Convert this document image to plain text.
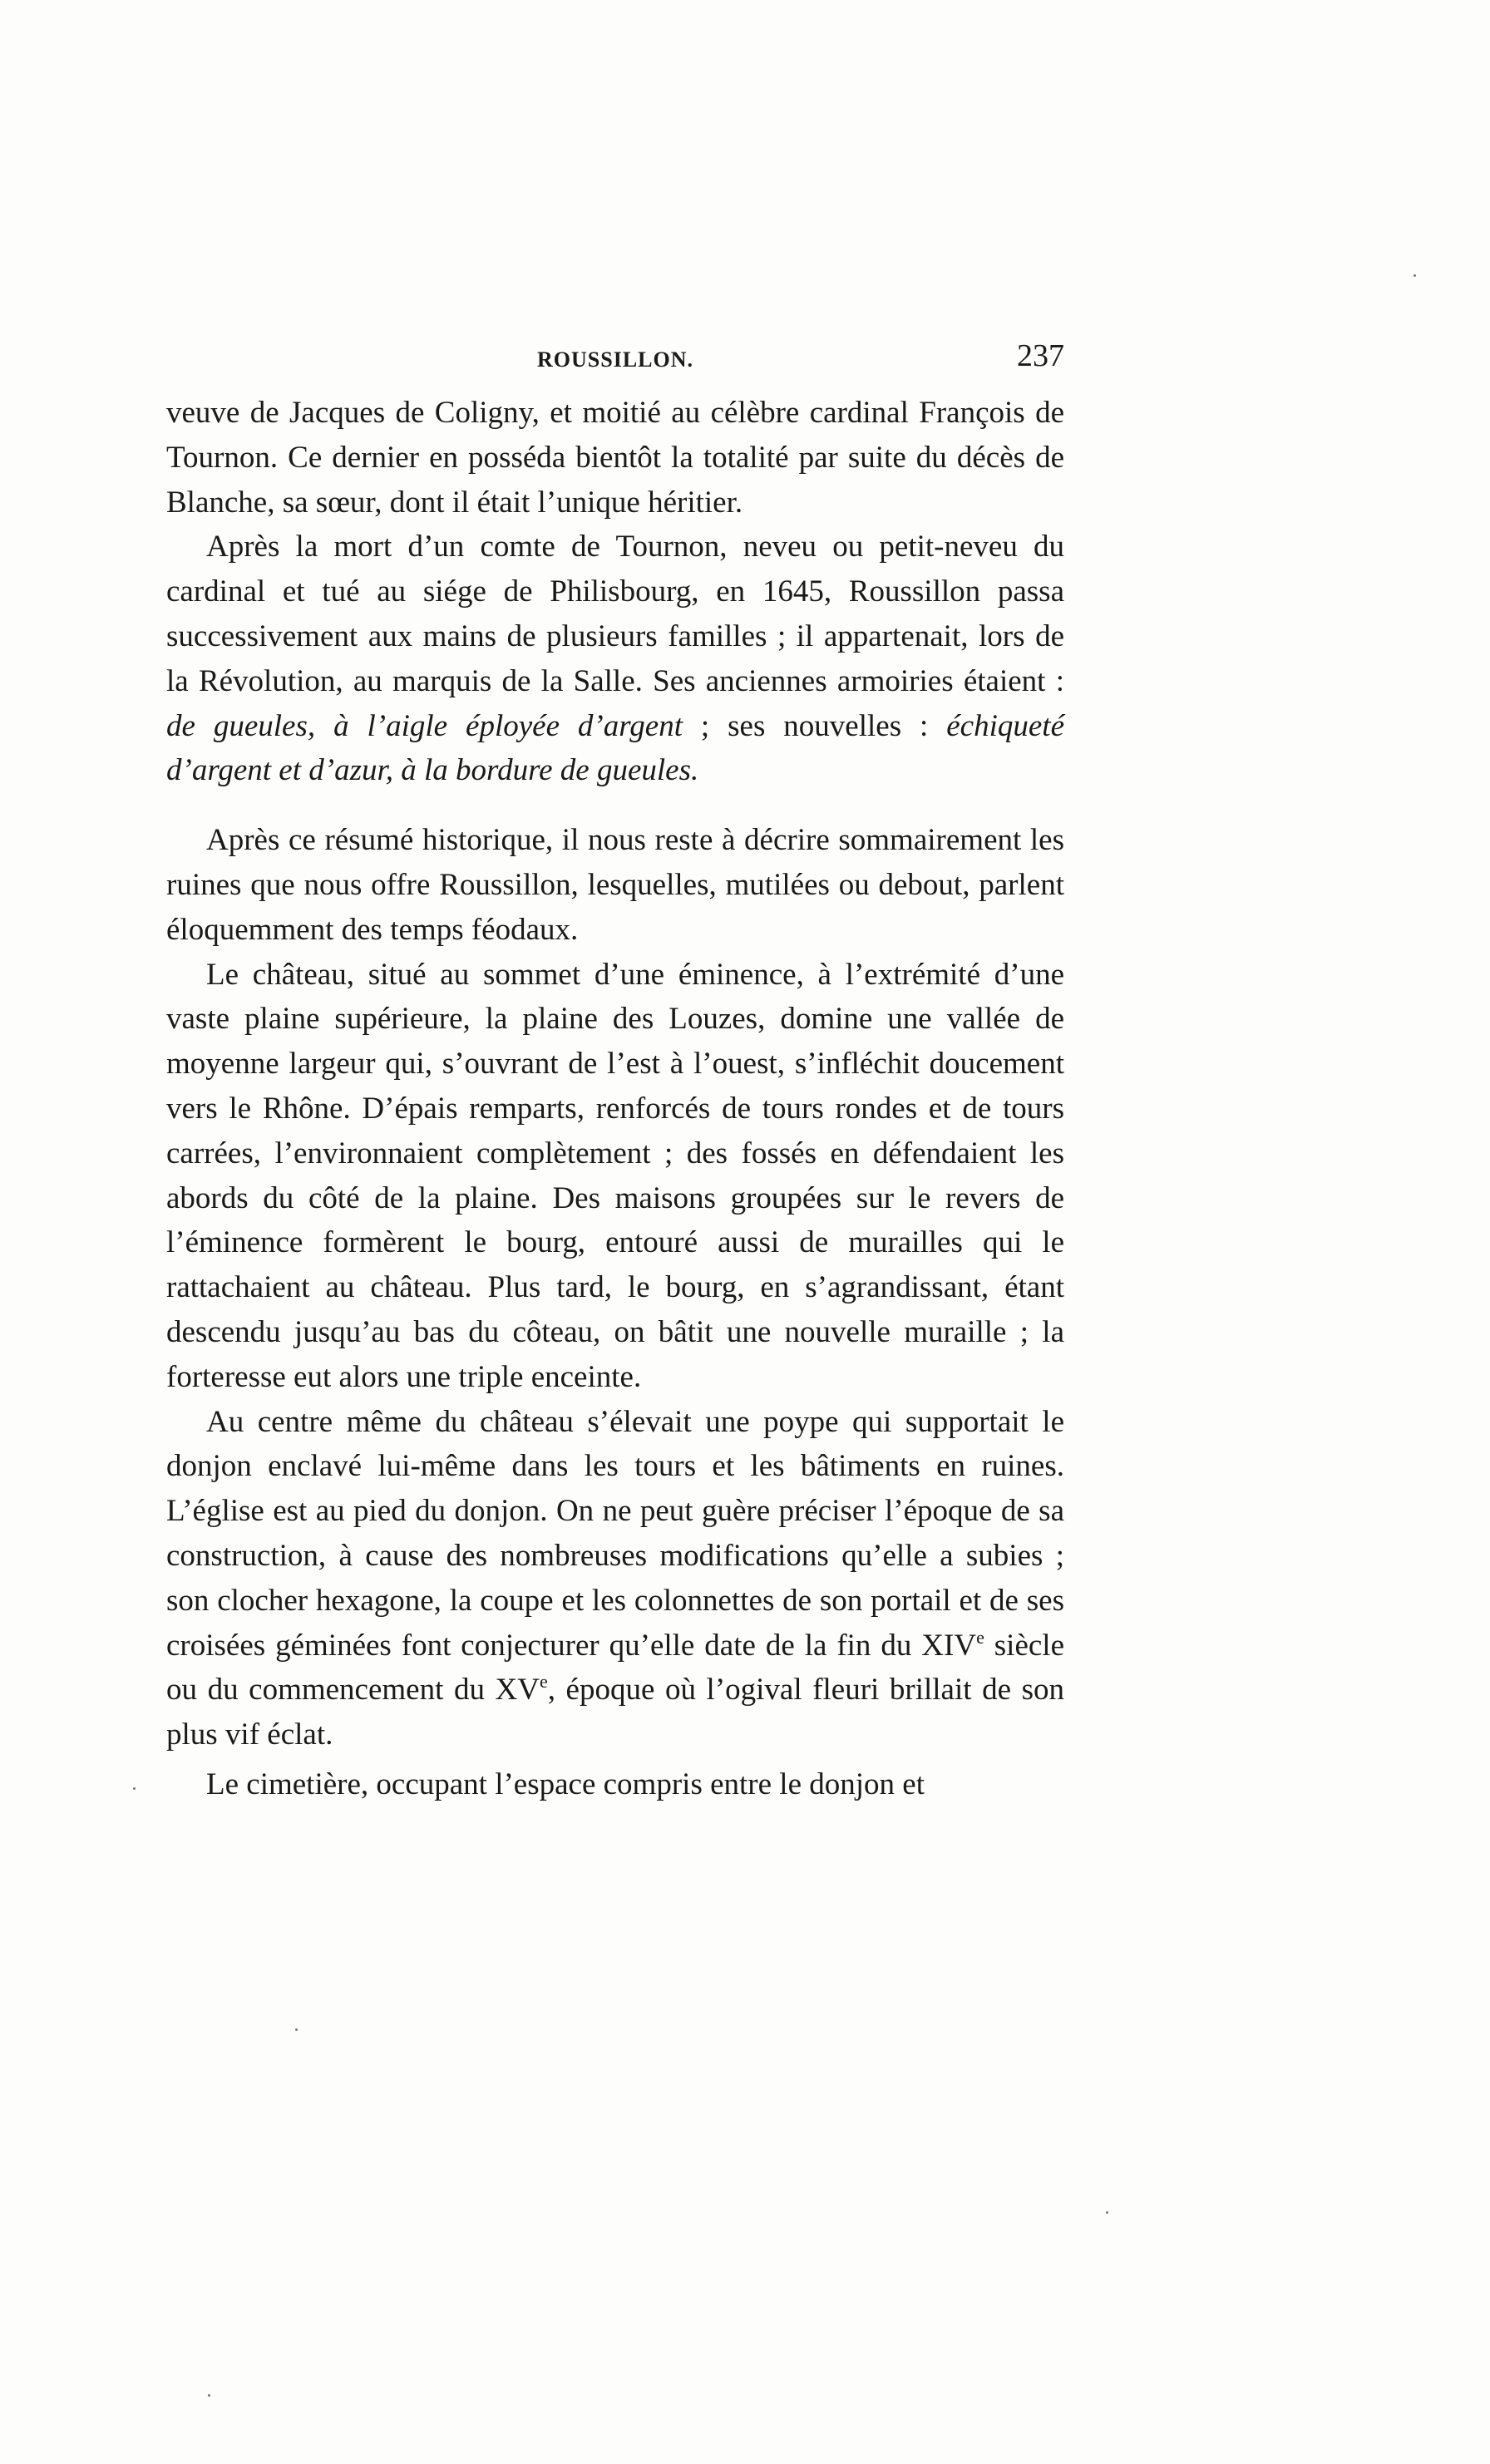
ROUSSILLON.	237

veuve de Jacques de Coligny, et moitié au célèbre cardinal François de Tournon. Ce dernier en posséda bientôt la totalité par suite du décès de Blanche, sa sœur, dont il était l’unique héritier.

Après la mort d’un comte de Tournon, neveu ou petit-neveu du cardinal et tué au siége de Philisbourg, en 1645, Roussillon passa successivement aux mains de plusieurs familles ; il appartenait, lors de la Révolution, au marquis de la Salle. Ses anciennes armoiries étaient : de gueules, à l’aigle éployée d’argent ; ses nouvelles : échiqueté d’argent et d’azur, à la bordure de gueules.

Après ce résumé historique, il nous reste à décrire sommairement les ruines que nous offre Roussillon, lesquelles, mutilées ou debout, parlent éloquemment des temps féodaux.

Le château, situé au sommet d’une éminence, à l’extrémité d’une vaste plaine supérieure, la plaine des Louzes, domine une vallée de moyenne largeur qui, s’ouvrant de l’est à l’ouest, s’infléchit doucement vers le Rhône. D’épais remparts, renforcés de tours rondes et de tours carrées, l’environnaient complètement ; des fossés en défendaient les abords du côté de la plaine. Des maisons groupées sur le revers de l’éminence formèrent le bourg, entouré aussi de murailles qui le rattachaient au château. Plus tard, le bourg, en s’agrandissant, étant descendu jusqu’au bas du côteau, on bâtit une nouvelle muraille ; la forteresse eut alors une triple enceinte.

Au centre même du château s’élevait une poype qui supportait le donjon enclavé lui-même dans les tours et les bâtiments en ruines. L’église est au pied du donjon. On ne peut guère préciser l’époque de sa construction, à cause des nombreuses modifications qu’elle a subies ; son clocher hexagone, la coupe et les colonnettes de son portail et de ses croisées géminées font conjecturer qu’elle date de la fin du XIVe siècle ou du commencement du XVe, époque où l’ogival fleuri brillait de son plus vif éclat.

Le cimetière, occupant l’espace compris entre le donjon et
